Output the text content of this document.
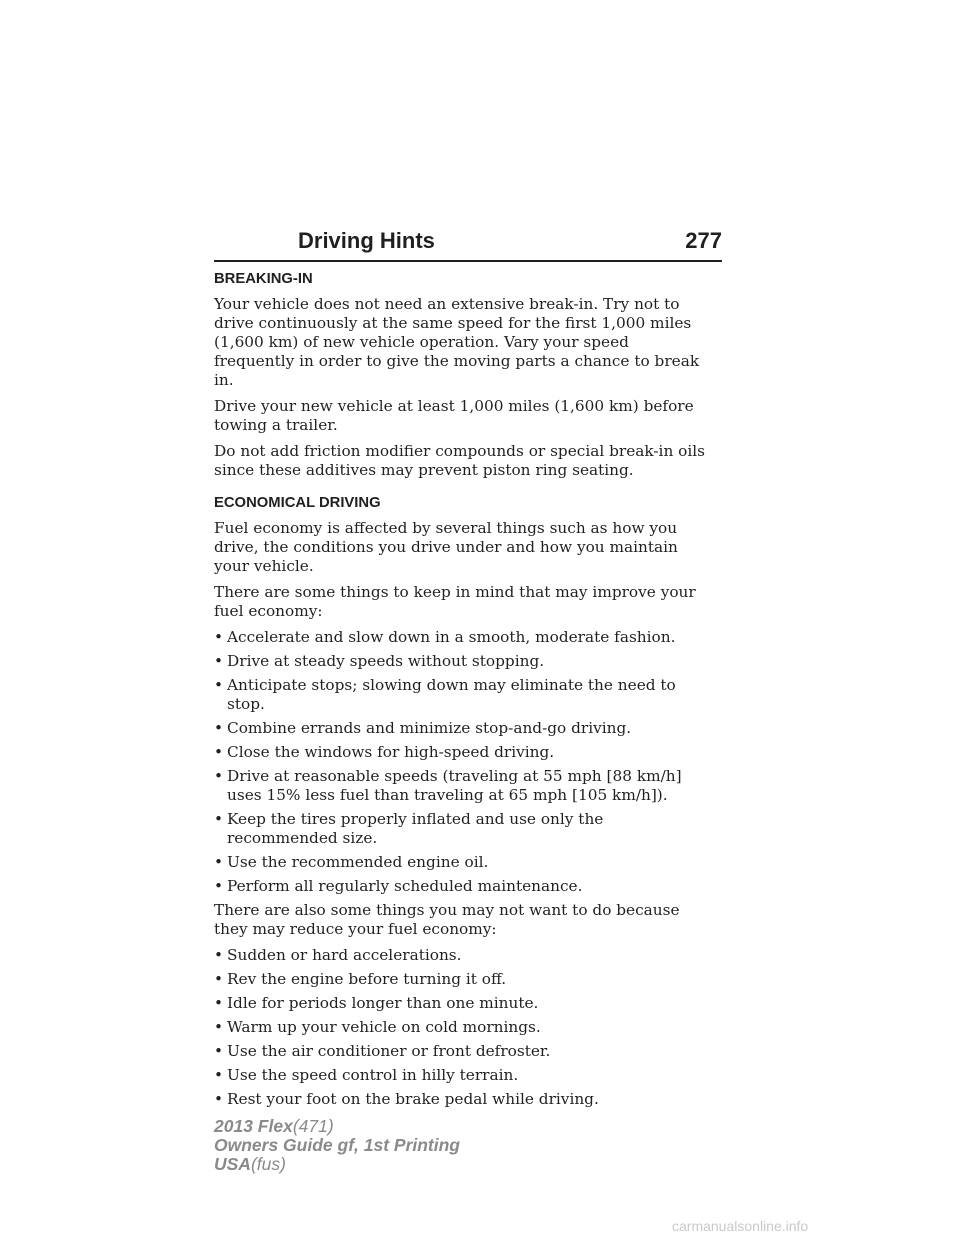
Driving Hints	277
BREAKING-IN

Your vehicle does not need an extensive break-in. Try not to drive continuously at the same speed for the first 1,000 miles (1,600 km) of new vehicle operation. Vary your speed frequently in order to give the moving parts a chance to break in.

Drive your new vehicle at least 1,000 miles (1,600 km) before towing a trailer.

Do not add friction modifier compounds or special break-in oils since these additives may prevent piston ring seating.

ECONOMICAL DRIVING

Fuel economy is affected by several things such as how you drive, the conditions you drive under and how you maintain your vehicle.

There are some things to keep in mind that may improve your fuel economy:

• Accelerate and slow down in a smooth, moderate fashion.
• Drive at steady speeds without stopping.
• Anticipate stops; slowing down may eliminate the need to stop.
• Combine errands and minimize stop-and-go driving.
• Close the windows for high-speed driving.
• Drive at reasonable speeds (traveling at 55 mph [88 km/h] uses 15% less fuel than traveling at 65 mph [105 km/h]).
• Keep the tires properly inflated and use only the recommended size.
• Use the recommended engine oil.
• Perform all regularly scheduled maintenance.

There are also some things you may not want to do because they may reduce your fuel economy:

• Sudden or hard accelerations.
• Rev the engine before turning it off.
• Idle for periods longer than one minute.
• Warm up your vehicle on cold mornings.
• Use the air conditioner or front defroster.
• Use the speed control in hilly terrain.
• Rest your foot on the brake pedal while driving.
2013 Flex(471)
Owners Guide gf, 1st Printing
USA(fus)
carmanualsonline.info
